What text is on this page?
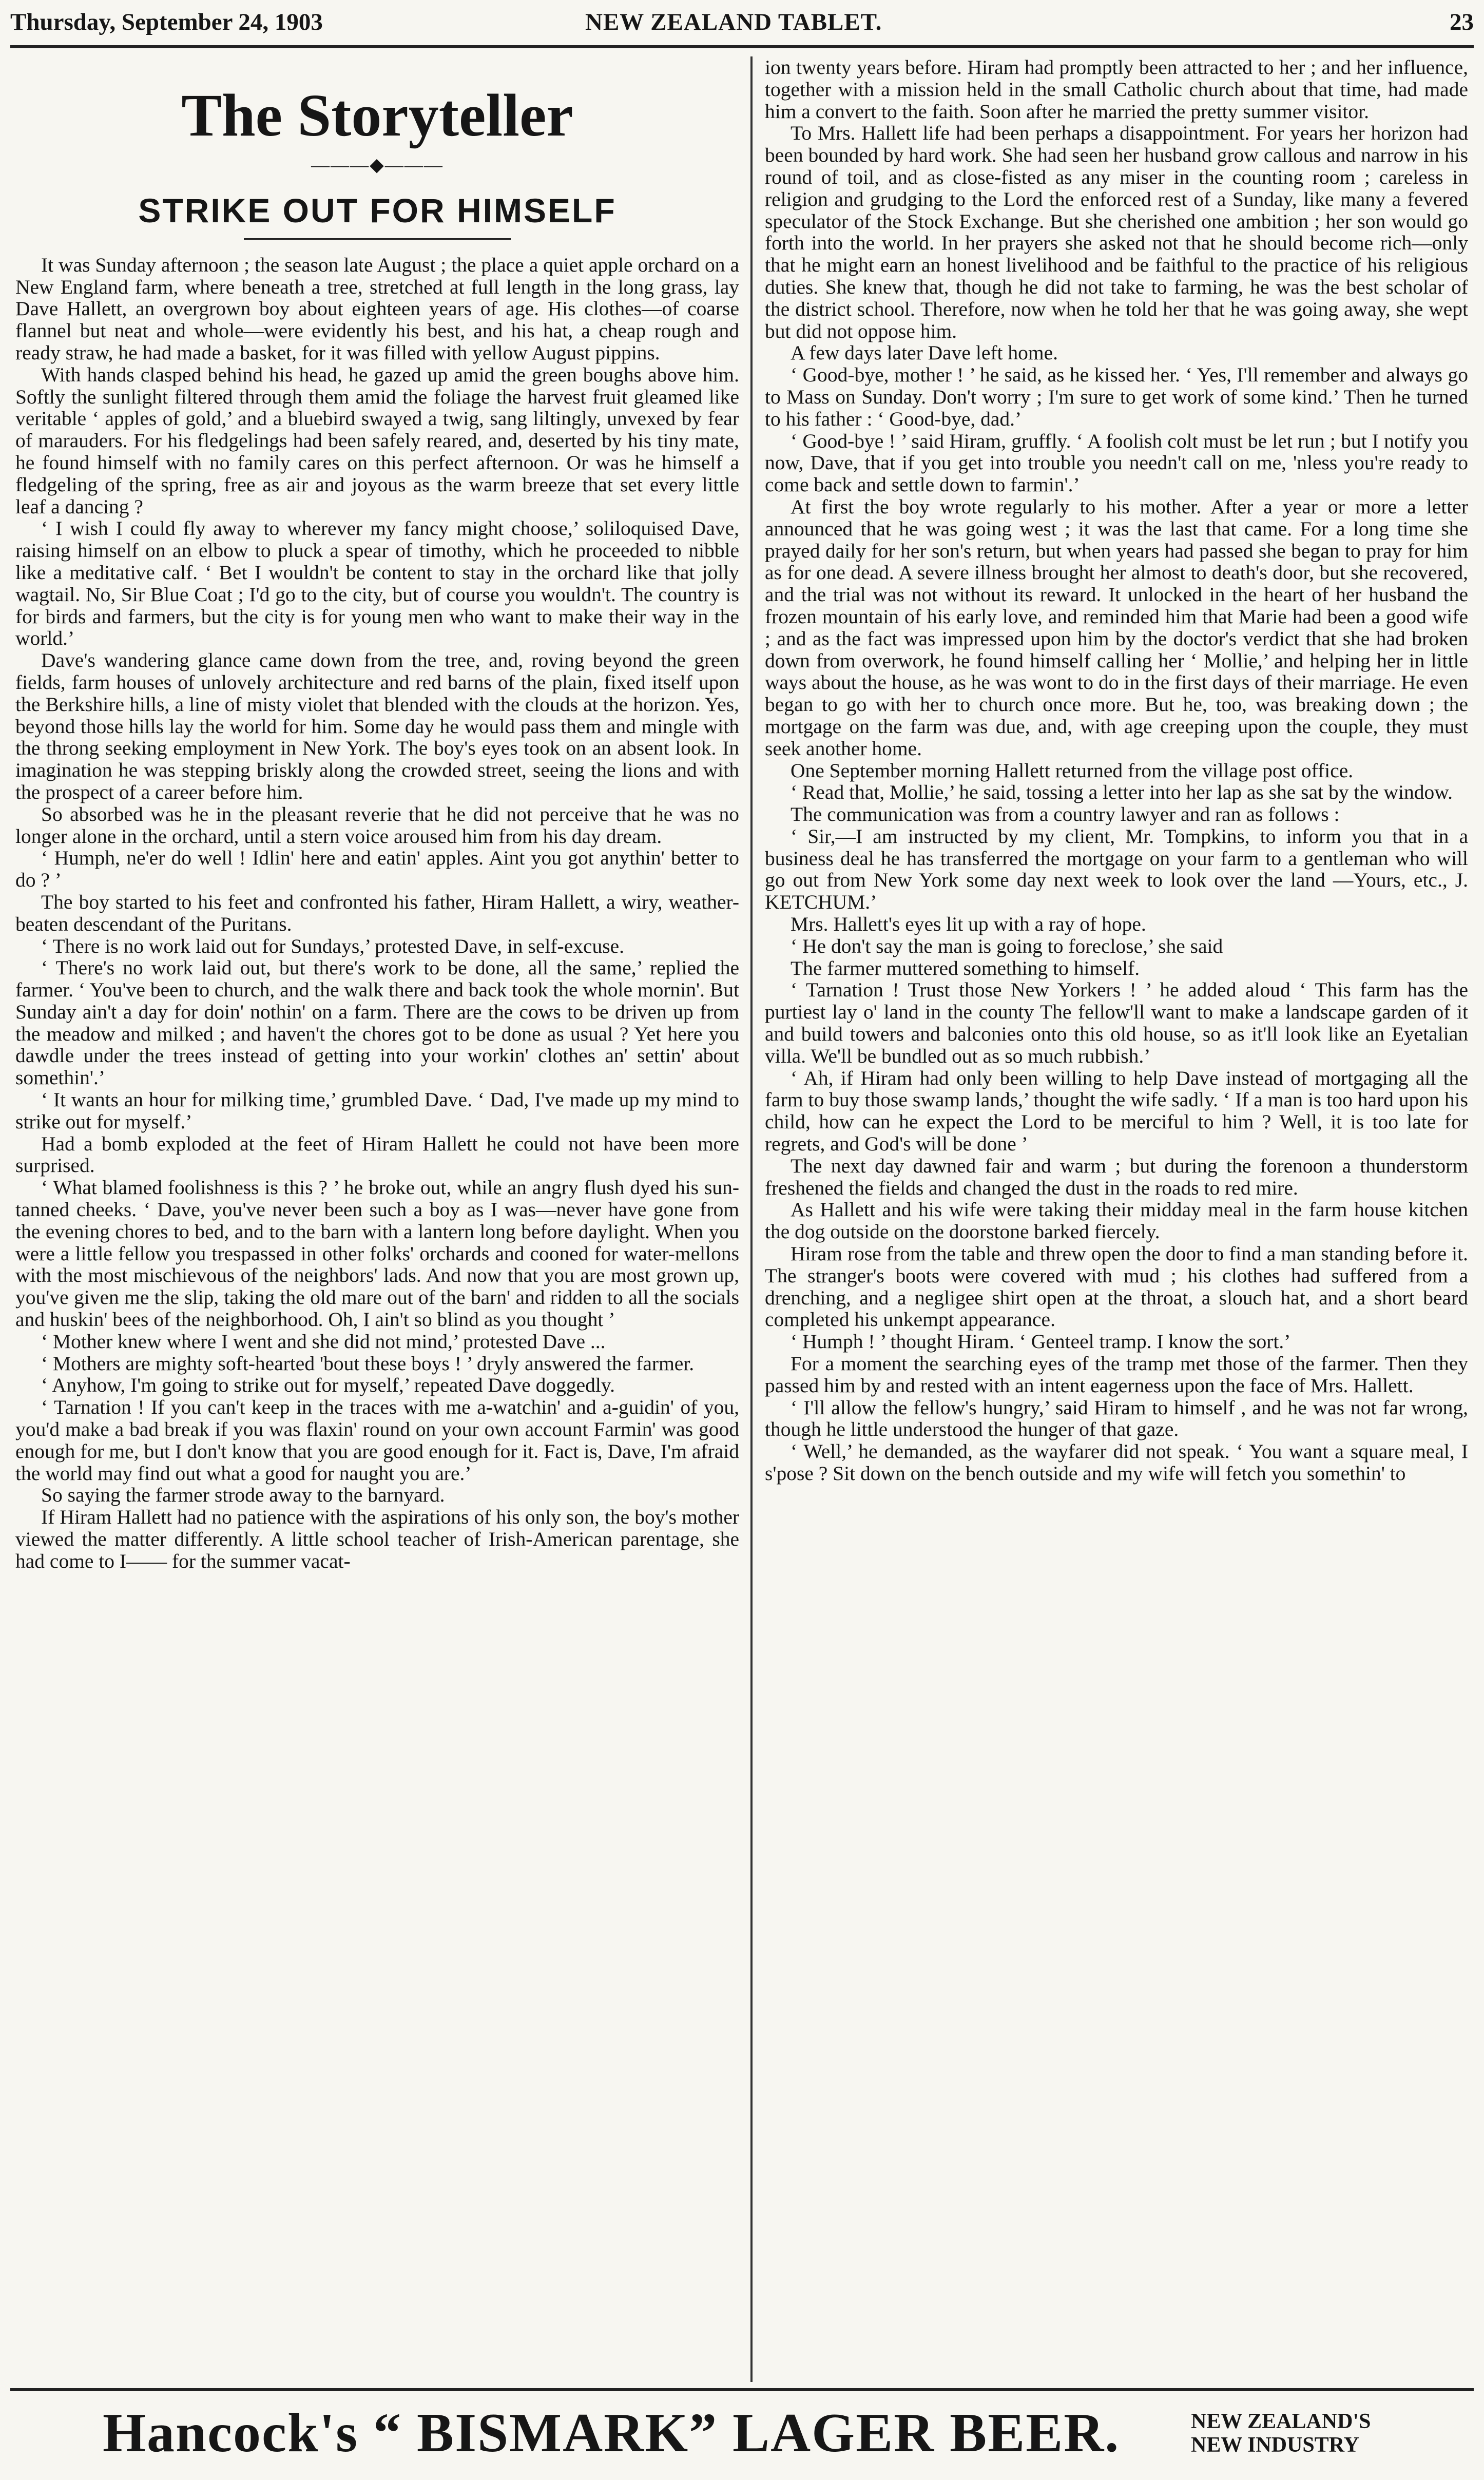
Thursday, September 24, 1903	NEW ZEALAND TABLET.	23
The Storyteller
———◆———
STRIKE OUT FOR HIMSELF

It was Sunday afternoon ; the season late August ; the place a quiet apple orchard on a New England farm, where beneath a tree, stretched at full length in the long grass, lay Dave Hallett, an overgrown boy about eighteen years of age. His clothes—of coarse flannel but neat and whole—were evidently his best, and his hat, a cheap rough and ready straw, he had made a basket, for it was filled with yellow August pippins.

With hands clasped behind his head, he gazed up amid the green boughs above him. Softly the sunlight filtered through them amid the foliage the harvest fruit gleamed like veritable ‘ apples of gold,’ and a bluebird swayed a twig, sang liltingly, unvexed by fear of marauders. For his fledgelings had been safely reared, and, deserted by his tiny mate, he found himself with no family cares on this perfect afternoon. Or was he himself a fledgeling of the spring, free as air and joyous as the warm breeze that set every little leaf a dancing ?

‘ I wish I could fly away to wherever my fancy might choose,’ soliloquised Dave, raising himself on an elbow to pluck a spear of timothy, which he proceeded to nibble like a meditative calf. ‘ Bet I wouldn't be content to stay in the orchard like that jolly wagtail. No, Sir Blue Coat ; I'd go to the city, but of course you wouldn't. The country is for birds and farmers, but the city is for young men who want to make their way in the world.’

Dave's wandering glance came down from the tree, and, roving beyond the green fields, farm houses of unlovely architecture and red barns of the plain, fixed itself upon the Berkshire hills, a line of misty violet that blended with the clouds at the horizon. Yes, beyond those hills lay the world for him. Some day he would pass them and mingle with the throng seeking employment in New York. The boy's eyes took on an absent look. In imagination he was stepping briskly along the crowded street, seeing the lions and with the prospect of a career before him.

So absorbed was he in the pleasant reverie that he did not perceive that he was no longer alone in the orchard, until a stern voice aroused him from his day dream.

‘ Humph, ne'er do well ! Idlin' here and eatin' apples. Aint you got anythin' better to do ? ’

The boy started to his feet and confronted his father, Hiram Hallett, a wiry, weather-beaten descendant of the Puritans.

‘ There is no work laid out for Sundays,’ protested Dave, in self-excuse.

‘ There's no work laid out, but there's work to be done, all the same,’ replied the farmer. ‘ You've been to church, and the walk there and back took the whole mornin'. But Sunday ain't a day for doin' nothin' on a farm. There are the cows to be driven up from the meadow and milked ; and haven't the chores got to be done as usual ? Yet here you dawdle under the trees instead of getting into your workin' clothes an' settin' about somethin'.’

‘ It wants an hour for milking time,’ grumbled Dave. ‘ Dad, I've made up my mind to strike out for myself.’

Had a bomb exploded at the feet of Hiram Hallett he could not have been more surprised.

‘ What blamed foolishness is this ? ’ he broke out, while an angry flush dyed his sun-tanned cheeks. ‘ Dave, you've never been such a boy as I was—never have gone from the evening chores to bed, and to the barn with a lantern long before daylight. When you were a little fellow you trespassed in other folks' orchards and cooned for water-mellons with the most mischievous of the neighbors' lads. And now that you are most grown up, you've given me the slip, taking the old mare out of the barn' and ridden to all the socials and huskin' bees of the neighborhood. Oh, I ain't so blind as you thought ’

‘ Mother knew where I went and she did not mind,’ protested Dave ...

‘ Mothers are mighty soft-hearted 'bout these boys ! ’ dryly answered the farmer.

‘ Anyhow, I'm going to strike out for myself,’ repeated Dave doggedly.

‘ Tarnation ! If you can't keep in the traces with me a-watchin' and a-guidin' of you, you'd make a bad break if you was flaxin' round on your own account Farmin' was good enough for me, but I don't know that you are good enough for it. Fact is, Dave, I'm afraid the world may find out what a good for naught you are.’

So saying the farmer strode away to the barnyard.

If Hiram Hallett had no patience with the aspirations of his only son, the boy's mother viewed the matter differently. A little school teacher of Irish-American parentage, she had come to I—— for the summer vacat-

ion twenty years before. Hiram had promptly been attracted to her ; and her influence, together with a mission held in the small Catholic church about that time, had made him a convert to the faith. Soon after he married the pretty summer visitor.

To Mrs. Hallett life had been perhaps a disappointment. For years her horizon had been bounded by hard work. She had seen her husband grow callous and narrow in his round of toil, and as close-fisted as any miser in the counting room ; careless in religion and grudging to the Lord the enforced rest of a Sunday, like many a fevered speculator of the Stock Exchange. But she cherished one ambition ; her son would go forth into the world. In her prayers she asked not that he should become rich—only that he might earn an honest livelihood and be faithful to the practice of his religious duties. She knew that, though he did not take to farming, he was the best scholar of the district school. Therefore, now when he told her that he was going away, she wept but did not oppose him.

A few days later Dave left home.

‘ Good-bye, mother ! ’ he said, as he kissed her. ‘ Yes, I'll remember and always go to Mass on Sunday. Don't worry ; I'm sure to get work of some kind.’ Then he turned to his father : ‘ Good-bye, dad.’

‘ Good-bye ! ’ said Hiram, gruffly. ‘ A foolish colt must be let run ; but I notify you now, Dave, that if you get into trouble you needn't call on me, 'nless you're ready to come back and settle down to farmin'.’

At first the boy wrote regularly to his mother. After a year or more a letter announced that he was going west ; it was the last that came. For a long time she prayed daily for her son's return, but when years had passed she began to pray for him as for one dead. A severe illness brought her almost to death's door, but she recovered, and the trial was not without its reward. It unlocked in the heart of her husband the frozen mountain of his early love, and reminded him that Marie had been a good wife ; and as the fact was impressed upon him by the doctor's verdict that she had broken down from overwork, he found himself calling her ‘ Mollie,’ and helping her in little ways about the house, as he was wont to do in the first days of their marriage. He even began to go with her to church once more. But he, too, was breaking down ; the mortgage on the farm was due, and, with age creeping upon the couple, they must seek another home.

One September morning Hallett returned from the village post office.

‘ Read that, Mollie,’ he said, tossing a letter into her lap as she sat by the window.

The communication was from a country lawyer and ran as follows :

‘ Sir,—I am instructed by my client, Mr. Tompkins, to inform you that in a business deal he has transferred the mortgage on your farm to a gentleman who will go out from New York some day next week to look over the land —Yours, etc., J. KETCHUM.’

Mrs. Hallett's eyes lit up with a ray of hope.

‘ He don't say the man is going to foreclose,’ she said

The farmer muttered something to himself.

‘ Tarnation ! Trust those New Yorkers ! ’ he added aloud ‘ This farm has the purtiest lay o' land in the county The fellow'll want to make a landscape garden of it and build towers and balconies onto this old house, so as it'll look like an Eyetalian villa. We'll be bundled out as so much rubbish.’

‘ Ah, if Hiram had only been willing to help Dave instead of mortgaging all the farm to buy those swamp lands,’ thought the wife sadly. ‘ If a man is too hard upon his child, how can he expect the Lord to be merciful to him ? Well, it is too late for regrets, and God's will be done ’

The next day dawned fair and warm ; but during the forenoon a thunderstorm freshened the fields and changed the dust in the roads to red mire.

As Hallett and his wife were taking their midday meal in the farm house kitchen the dog outside on the doorstone barked fiercely.

Hiram rose from the table and threw open the door to find a man standing before it. The stranger's boots were covered with mud ; his clothes had suffered from a drenching, and a negligee shirt open at the throat, a slouch hat, and a short beard completed his unkempt appearance.

‘ Humph ! ’ thought Hiram. ‘ Genteel tramp. I know the sort.’

For a moment the searching eyes of the tramp met those of the farmer. Then they passed him by and rested with an intent eagerness upon the face of Mrs. Hallett.

‘ I'll allow the fellow's hungry,’ said Hiram to himself , and he was not far wrong, though he little understood the hunger of that gaze.

‘ Well,’ he demanded, as the wayfarer did not speak. ‘ You want a square meal, I s'pose ? Sit down on the bench outside and my wife will fetch you somethin' to

Hancock's “ BISMARK” LAGER BEER.	NEW ZEALAND'S
NEW INDUSTRY
